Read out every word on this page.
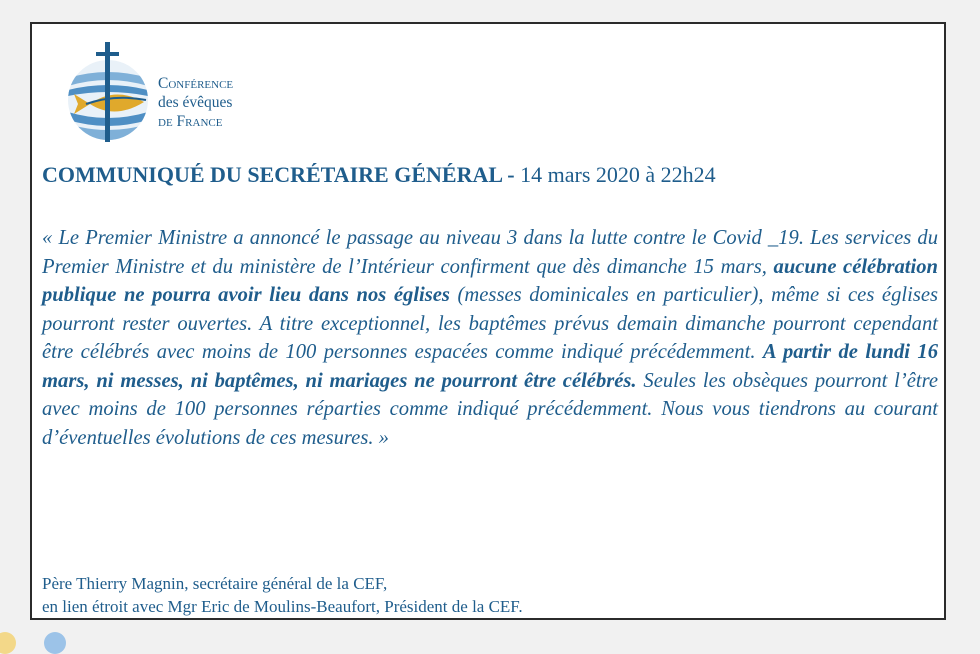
Conférence
des évêques
de France
COMMUNIQUÉ DU SECRÉTAIRE GÉNÉRAL - 14 mars 2020 à 22h24
« Le Premier Ministre a annoncé le passage au niveau 3 dans la lutte contre le Covid _19. Les services du Premier Ministre et du ministère de l’Intérieur confirment que dès dimanche 15 mars, aucune célébration publique ne pourra avoir lieu dans nos églises (messes dominicales en particulier), même si ces églises pourront rester ouvertes. A titre exceptionnel, les baptêmes prévus demain dimanche pourront cependant être célébrés avec moins de 100 personnes espacées comme indiqué précédemment. A partir de lundi 16 mars, ni messes, ni baptêmes, ni mariages ne pourront être célébrés. Seules les obsèques pourront l’être avec moins de 100 personnes réparties comme indiqué précédemment. Nous vous tiendrons au courant d’éventuelles évolutions de ces mesures. »
Père Thierry Magnin, secrétaire général de la CEF,
en lien étroit avec Mgr Eric de Moulins-Beaufort, Président de la CEF.
